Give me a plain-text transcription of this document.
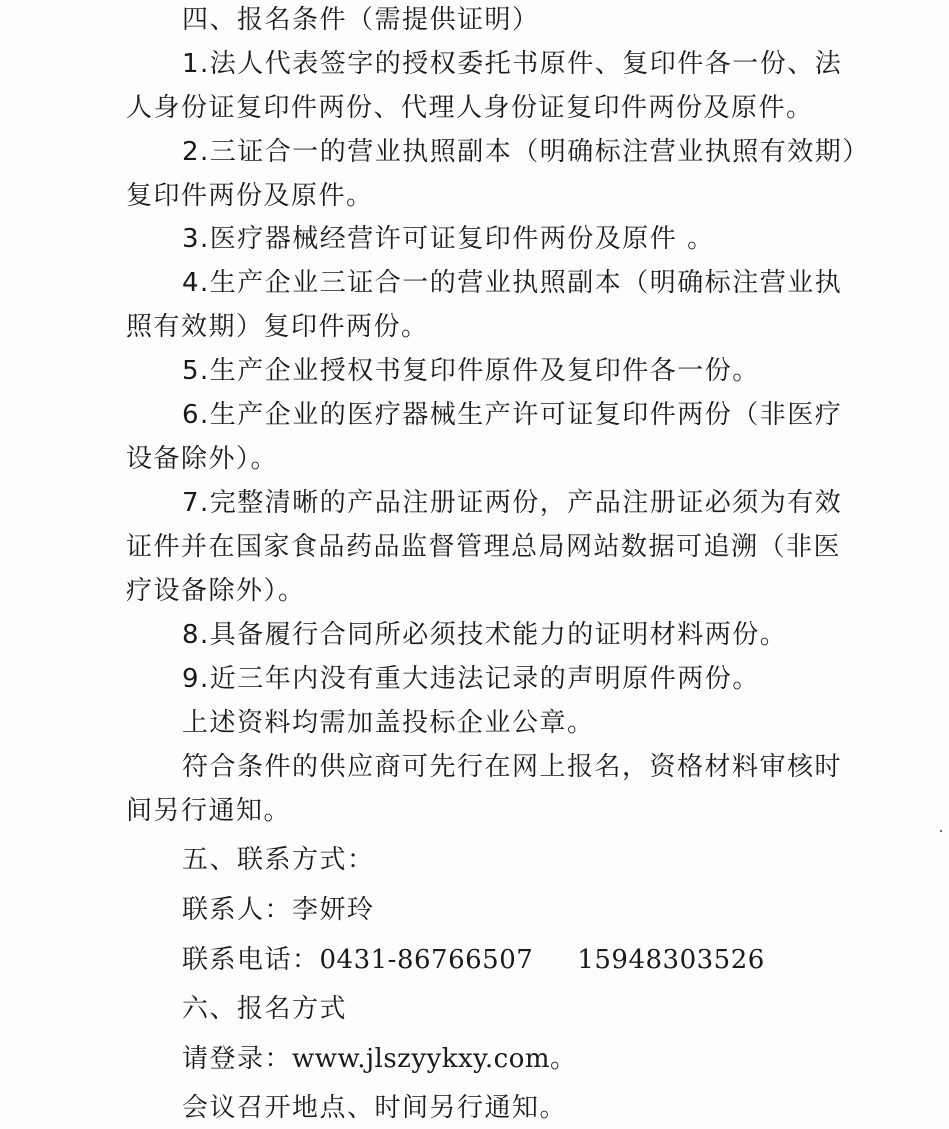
四、报名条件（需提供证明）
1.法人代表签字的授权委托书原件、复印件各一份、法
人身份证复印件两份、代理人身份证复印件两份及原件。
2.三证合一的营业执照副本（明确标注营业执照有效期）
复印件两份及原件。
3.医疗器械经营许可证复印件两份及原件 。
4.生产企业三证合一的营业执照副本（明确标注营业执
照有效期）复印件两份。
5.生产企业授权书复印件原件及复印件各一份。
6.生产企业的医疗器械生产许可证复印件两份（非医疗
设备除外）。
7.完整清晰的产品注册证两份，产品注册证必须为有效
证件并在国家食品药品监督管理总局网站数据可追溯（非医
疗设备除外）。
8.具备履行合同所必须技术能力的证明材料两份。
9.近三年内没有重大违法记录的声明原件两份。
上述资料均需加盖投标企业公章。
符合条件的供应商可先行在网上报名，资格材料审核时
间另行通知。
五、联系方式：
联系人：李妍玲
联系电话：0431-86766507 15948303526
六、报名方式
请登录：www.jlszyykxy.com。
会议召开地点、时间另行通知。
